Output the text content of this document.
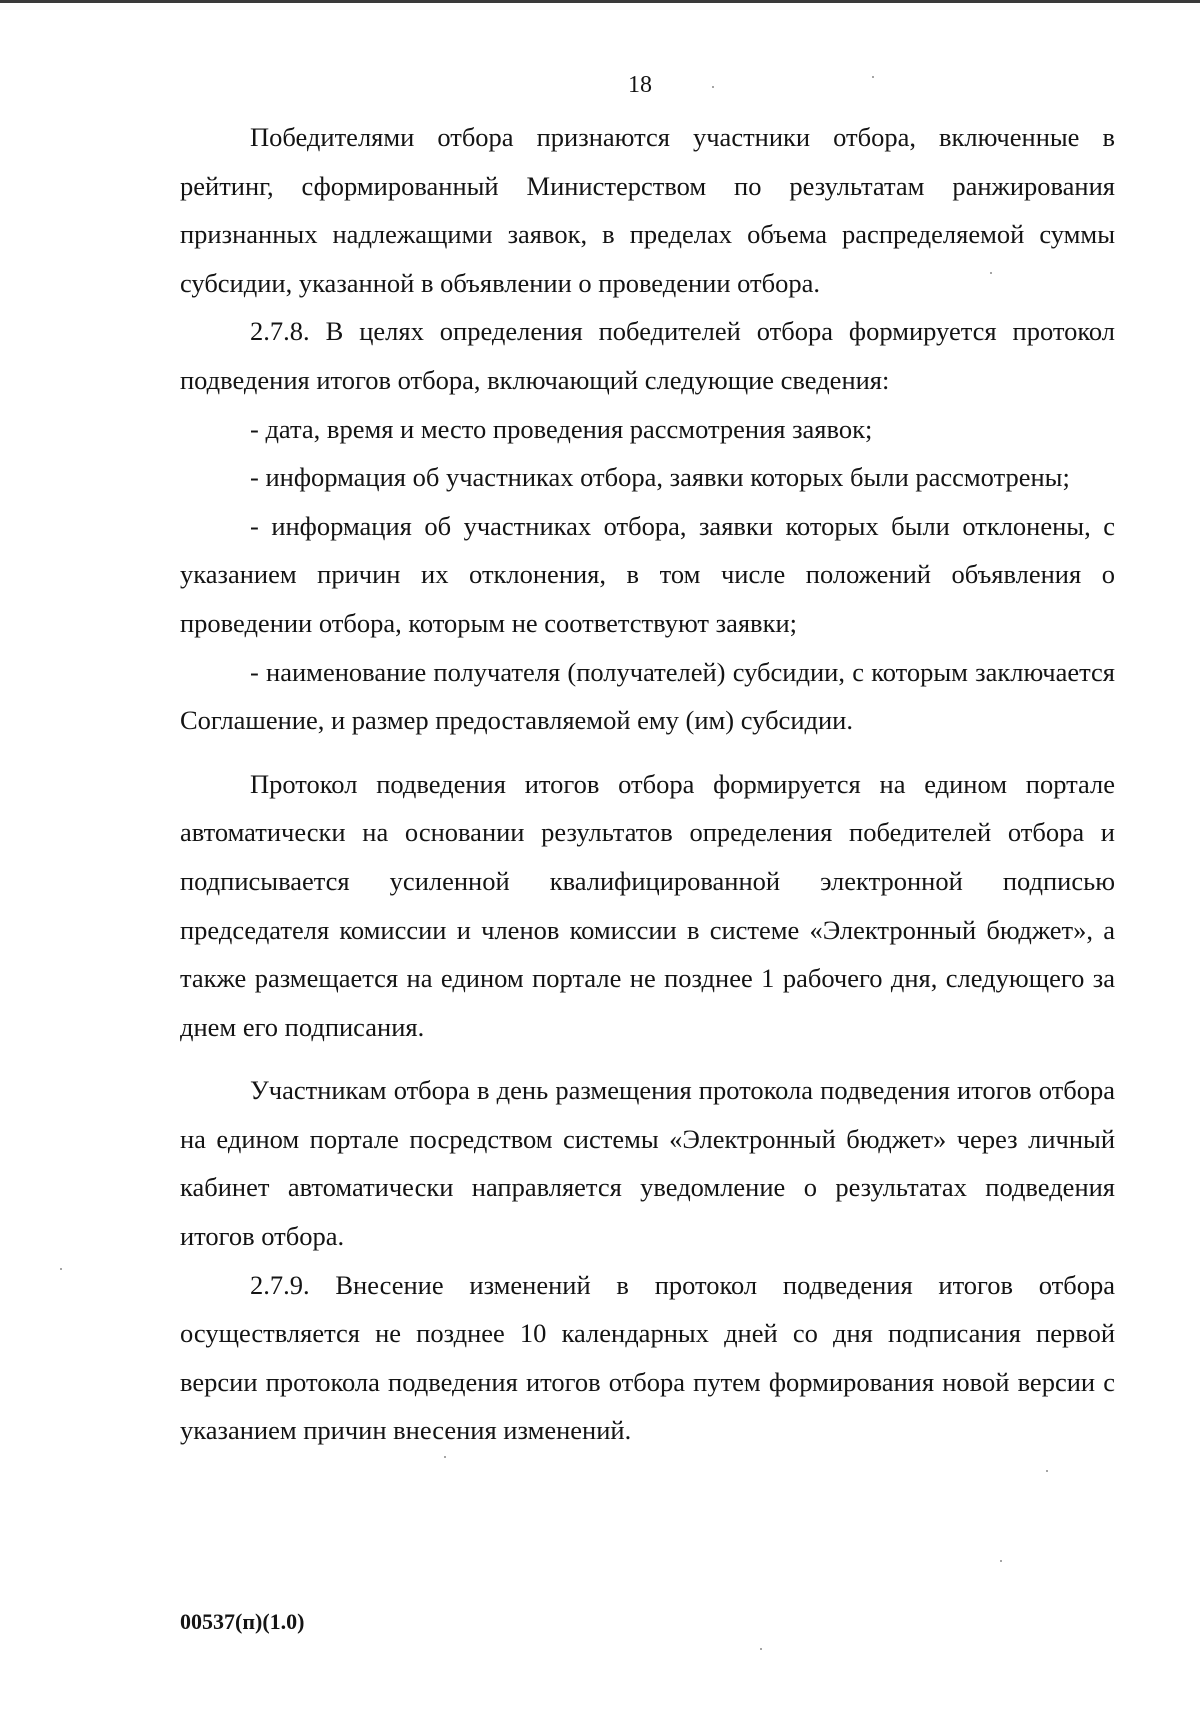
18

Победителями отбора признаются участники отбора, включенные в рейтинг, сформированный Министерством по результатам ранжирования признанных надлежащими заявок, в пределах объема распределяемой суммы субсидии, указанной в объявлении о проведении отбора.

2.7.8. В целях определения победителей отбора формируется протокол подведения итогов отбора, включающий следующие сведения:

- дата, время и место проведения рассмотрения заявок;

- информация об участниках отбора, заявки которых были рассмотрены;

- информация об участниках отбора, заявки которых были отклонены, с указанием причин их отклонения, в том числе положений объявления о проведении отбора, которым не соответствуют заявки;

- наименование получателя (получателей) субсидии, с которым заключается Соглашение, и размер предоставляемой ему (им) субсидии.

Протокол подведения итогов отбора формируется на едином портале автоматически на основании результатов определения победителей отбора и подписывается усиленной квалифицированной электронной подписью председателя комиссии и членов комиссии в системе «Электронный бюджет», а также размещается на едином портале не позднее 1 рабочего дня, следующего за днем его подписания.

Участникам отбора в день размещения протокола подведения итогов отбора на едином портале посредством системы «Электронный бюджет» через личный кабинет автоматически направляется уведомление о результатах подведения итогов отбора.

2.7.9. Внесение изменений в протокол подведения итогов отбора осуществляется не позднее 10 календарных дней со дня подписания первой версии протокола подведения итогов отбора путем формирования новой версии с указанием причин внесения изменений.

00537(п)(1.0)
